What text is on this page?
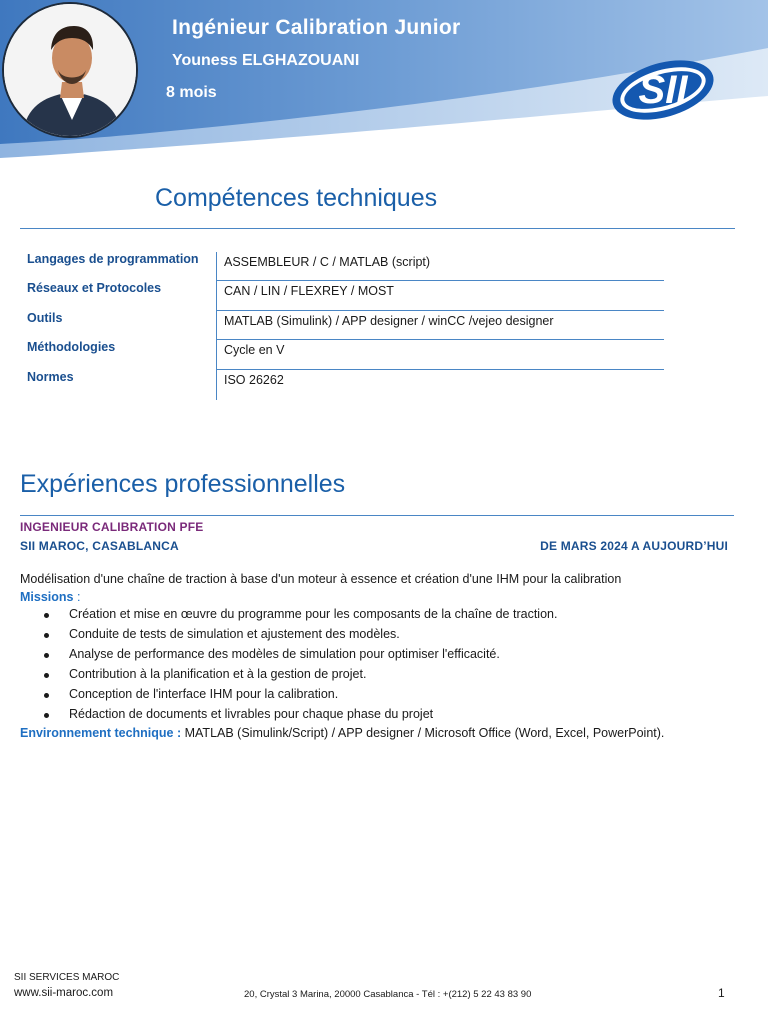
Ingénieur Calibration Junior
Youness ELGHAZOUANI
8 mois	SII
Compétences techniques
Langages de programmation ASSEMBLEUR / C / MATLAB (script)
Réseaux et Protocoles	CAN / LIN / FLEXREY / MOST
Outils	MATLAB (Simulink) / APP designer / winCC /vejeo designer
Méthodologies	Cycle en V
Normes	ISO 26262
Expériences professionnelles
INGENIEUR CALIBRATION PFE
SII MAROC, CASABLANCA	DE MARS 2024 A AUJOURD’HUI
Modélisation d'une chaîne de traction à base d'un moteur à essence et création d'une IHM pour la calibration
Missions :
Création et mise en œuvre du programme pour les composants de la chaîne de traction.
Conduite de tests de simulation et ajustement des modèles.
Analyse de performance des modèles de simulation pour optimiser l'efficacité.
Contribution à la planification et à la gestion de projet.
Conception de l'interface IHM pour la calibration.
Rédaction de documents et livrables pour chaque phase du projet
Environnement technique : MATLAB (Simulink/Script) / APP designer / Microsoft Office (Word, Excel, PowerPoint).
SII SERVICES MAROC
www.sii-maroc.com	20, Crystal 3 Marina, 20000 Casablanca - Tél : +(212) 5 22 43 83 90	1
